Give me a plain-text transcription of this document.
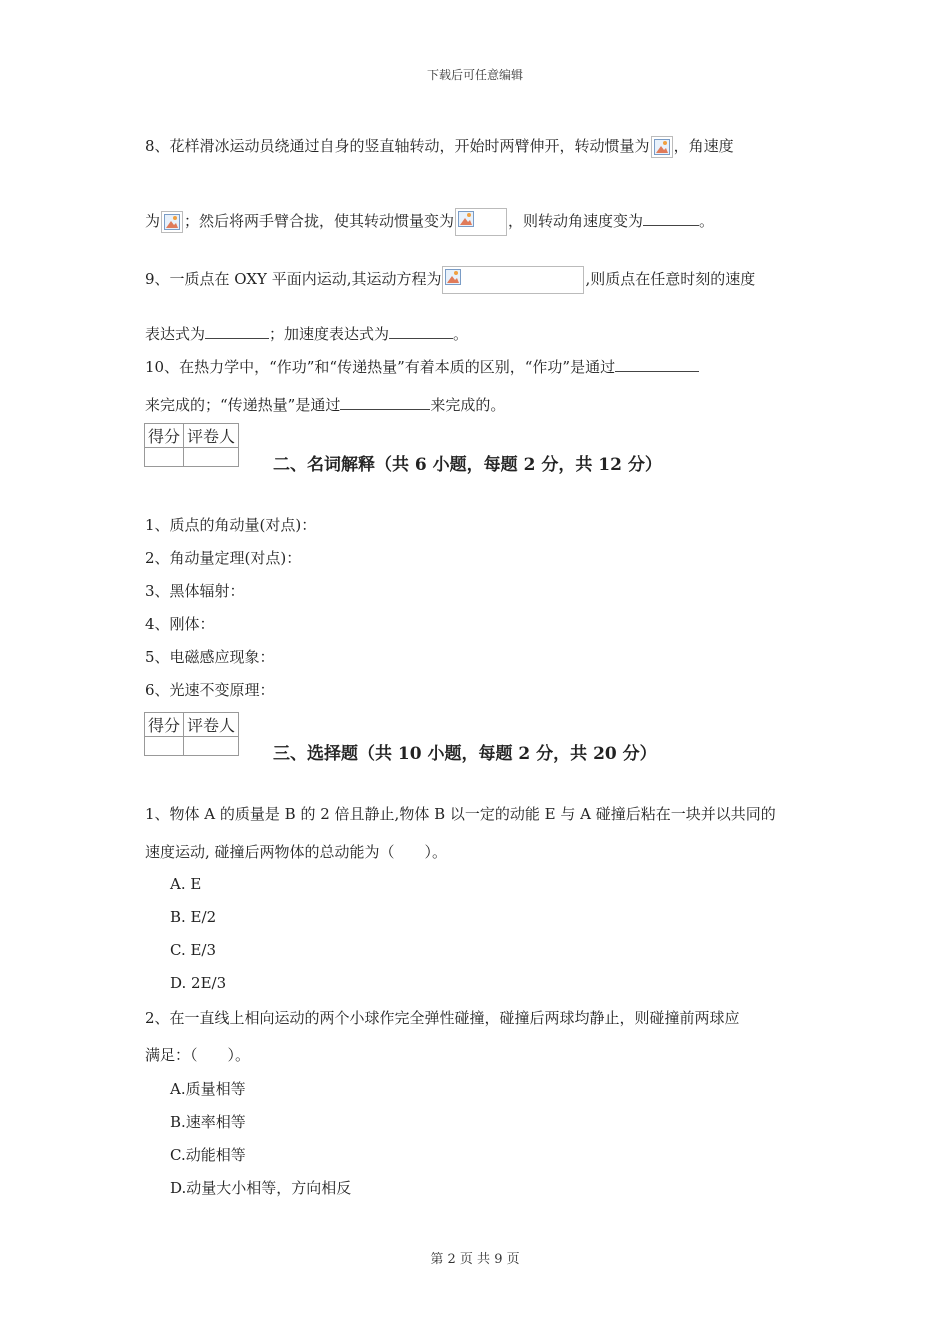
下载后可任意编辑
8、花样滑冰运动员绕通过自身的竖直轴转动，开始时两臂伸开，转动惯量为 ，角速度
为 ；然后将两手臂合拢，使其转动惯量变为	，则转动角速度变为	。
9、一质点在 OXY 平面内运动,其运动方程为	,则质点在任意时刻的速度
表达式为	；加速度表达式为	。
10、在热力学中，“作功”和“传递热量”有着本质的区别，“作功”是通过
来完成的；“传递热量”是通过	来完成的。
得分	评卷人

二、名词解释（共 6 小题，每题 2 分，共 12 分）
1、质点的角动量(对点)：
2、角动量定理(对点)：
3、黑体辐射：
4、刚体：
5、电磁感应现象：
6、光速不变原理：
得分	评卷人

三、选择题（共 10 小题，每题 2 分，共 20 分）
1、物体 A 的质量是 B 的 2 倍且静止,物体 B 以一定的动能 E 与 A 碰撞后粘在一块并以共同的
速度运动, 碰撞后两物体的总动能为（　　）。
A. E
B. E/2
C. E/3
D. 2E/3
2、在一直线上相向运动的两个小球作完全弹性碰撞，碰撞后两球均静止，则碰撞前两球应
满足：（　　）。
A.质量相等
B.速率相等
C.动能相等
D.动量大小相等，方向相反
第 2 页 共 9 页
